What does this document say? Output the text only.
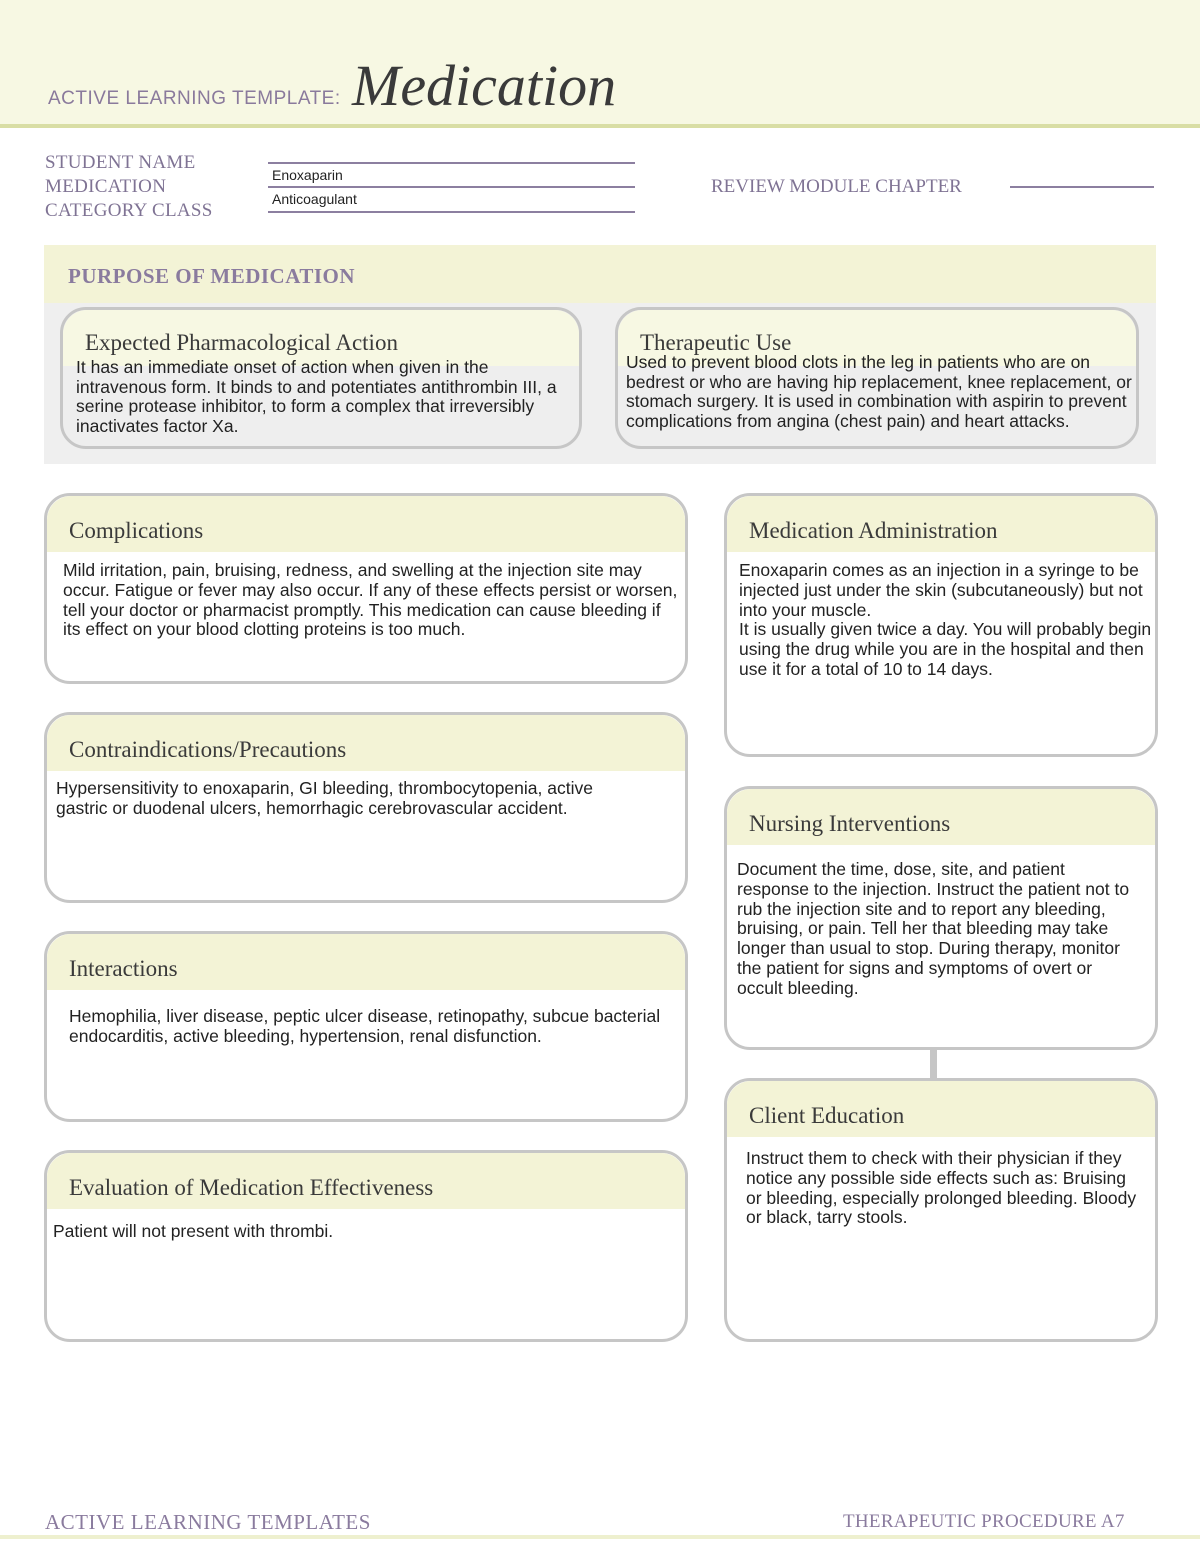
ACTIVE LEARNING TEMPLATE: Medication
STUDENT NAME
MEDICATION
Enoxaparin
CATEGORY CLASS
Anticoagulant
REVIEW MODULE CHAPTER
PURPOSE OF MEDICATION
Expected Pharmacological Action
It has an immediate onset of action when given in the intravenous form. It binds to and potentiates antithrombin III, a serine protease inhibitor, to form a complex that irreversibly inactivates factor Xa.
Therapeutic Use
Used to prevent blood clots in the leg in patients who are on bedrest or who are having hip replacement, knee replacement, or stomach surgery. It is used in combination with aspirin to prevent complications from angina (chest pain) and heart attacks.
Complications
Mild irritation, pain, bruising, redness, and swelling at the injection site may occur. Fatigue or fever may also occur. If any of these effects persist or worsen, tell your doctor or pharmacist promptly. This medication can cause bleeding if its effect on your blood clotting proteins is too much.
Contraindications/Precautions
Hypersensitivity to enoxaparin, GI bleeding, thrombocytopenia, active gastric or duodenal ulcers, hemorrhagic cerebrovascular accident.
Interactions
Hemophilia, liver disease, peptic ulcer disease, retinopathy, subcue bacterial endocarditis, active bleeding, hypertension, renal disfunction.
Evaluation of Medication Effectiveness
Patient will not present with thrombi.
Medication Administration
Enoxaparin comes as an injection in a syringe to be injected just under the skin (subcutaneously) but not into your muscle.
It is usually given twice a day. You will probably begin using the drug while you are in the hospital and then use it for a total of 10 to 14 days.
Nursing Interventions
Document the time, dose, site, and patient response to the injection. Instruct the patient not to rub the injection site and to report any bleeding, bruising, or pain. Tell her that bleeding may take longer than usual to stop. During therapy, monitor the patient for signs and symptoms of overt or occult bleeding.
Client Education
Instruct them to check with their physician if they notice any possible side effects such as: Bruising or bleeding, especially prolonged bleeding. Bloody or black, tarry stools.
ACTIVE LEARNING TEMPLATES	THERAPEUTIC PROCEDURE A7
